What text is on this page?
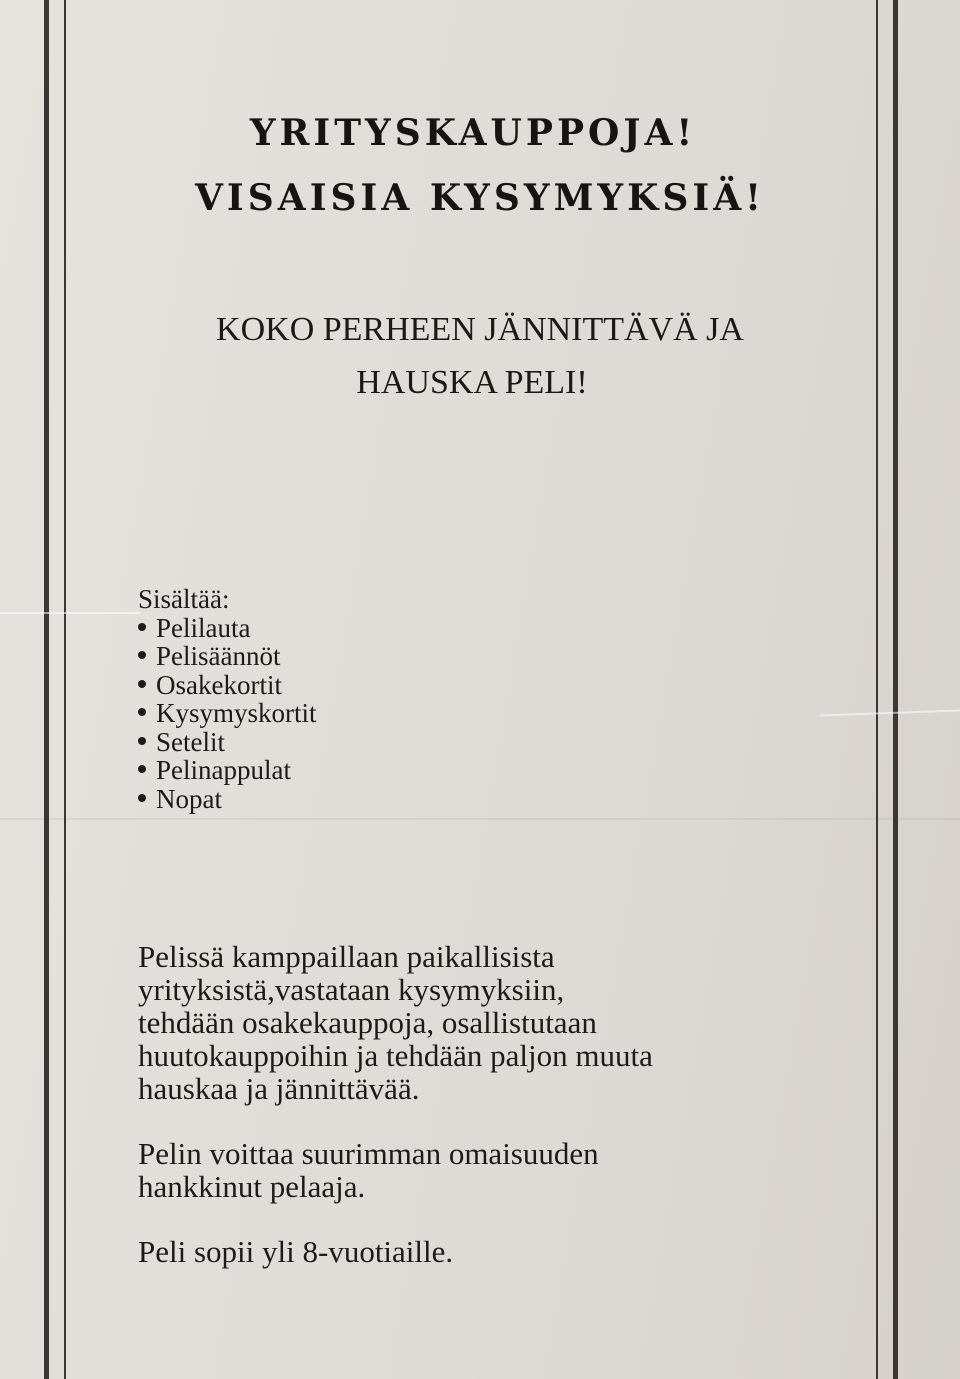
YRITYSKAUPPOJA!
VISAISIA KYSYMYKSIÄ!

KOKO PERHEEN JÄNNITTÄVÄ JA

HAUSKA PELI!

Sisältää:

Pelilauta
Pelisäännöt
Osakekortit
Kysymyskortit
Setelit
Pelinappulat
Nopat

Pelissä kamppaillaan paikallisista
yrityksistä,vastataan kysymyksiin,
tehdään osakekauppoja, osallistutaan
huutokauppoihin ja tehdään paljon muuta
hauskaa ja jännittävää.

Pelin voittaa suurimman omaisuuden
hankkinut pelaaja.

Peli sopii yli 8-vuotiaille.
